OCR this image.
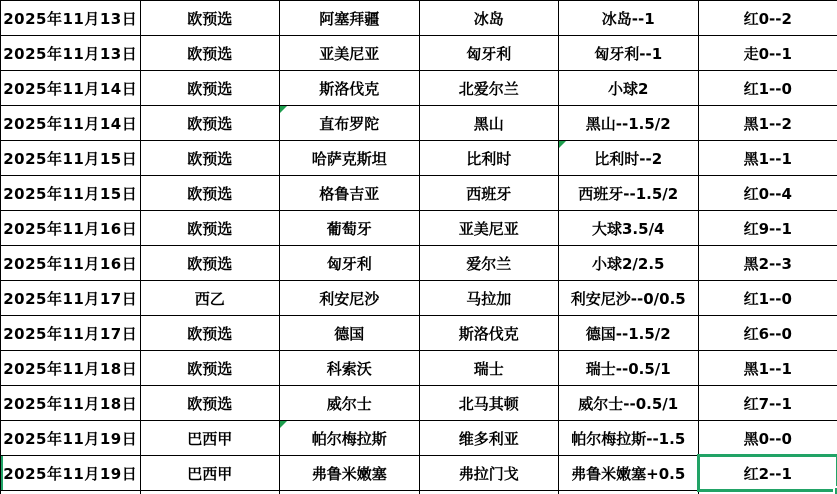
2025年11月13日	欧预选	阿塞拜疆	冰岛	冰岛--1	红0--2
2025年11月13日	欧预选	亚美尼亚	匈牙利	匈牙利--1	走0--1
2025年11月14日	欧预选	斯洛伐克	北爱尔兰	小球2	红1--0
2025年11月14日	欧预选	直布罗陀	黑山	黑山--1.5/2	黑1--2
2025年11月15日	欧预选	哈萨克斯坦	比利时	比利时--2	黑1--1
2025年11月15日	欧预选	格鲁吉亚	西班牙	西班牙--1.5/2	红0--4
2025年11月16日	欧预选	葡萄牙	亚美尼亚	大球3.5/4	红9--1
2025年11月16日	欧预选	匈牙利	爱尔兰	小球2/2.5	黑2--3
2025年11月17日	西乙	利安尼沙	马拉加	利安尼沙--0/0.5	红1--0
2025年11月17日	欧预选	德国	斯洛伐克	德国--1.5/2	红6--0
2025年11月18日	欧预选	科索沃	瑞士	瑞士--0.5/1	黑1--1
2025年11月18日	欧预选	威尔士	北马其顿	威尔士--0.5/1	红7--1
2025年11月19日	巴西甲	帕尔梅拉斯	维多利亚	帕尔梅拉斯--1.5	黑0--0
2025年11月19日	巴西甲	弗鲁米嫩塞	弗拉门戈	弗鲁米嫩塞+0.5	红2--1
